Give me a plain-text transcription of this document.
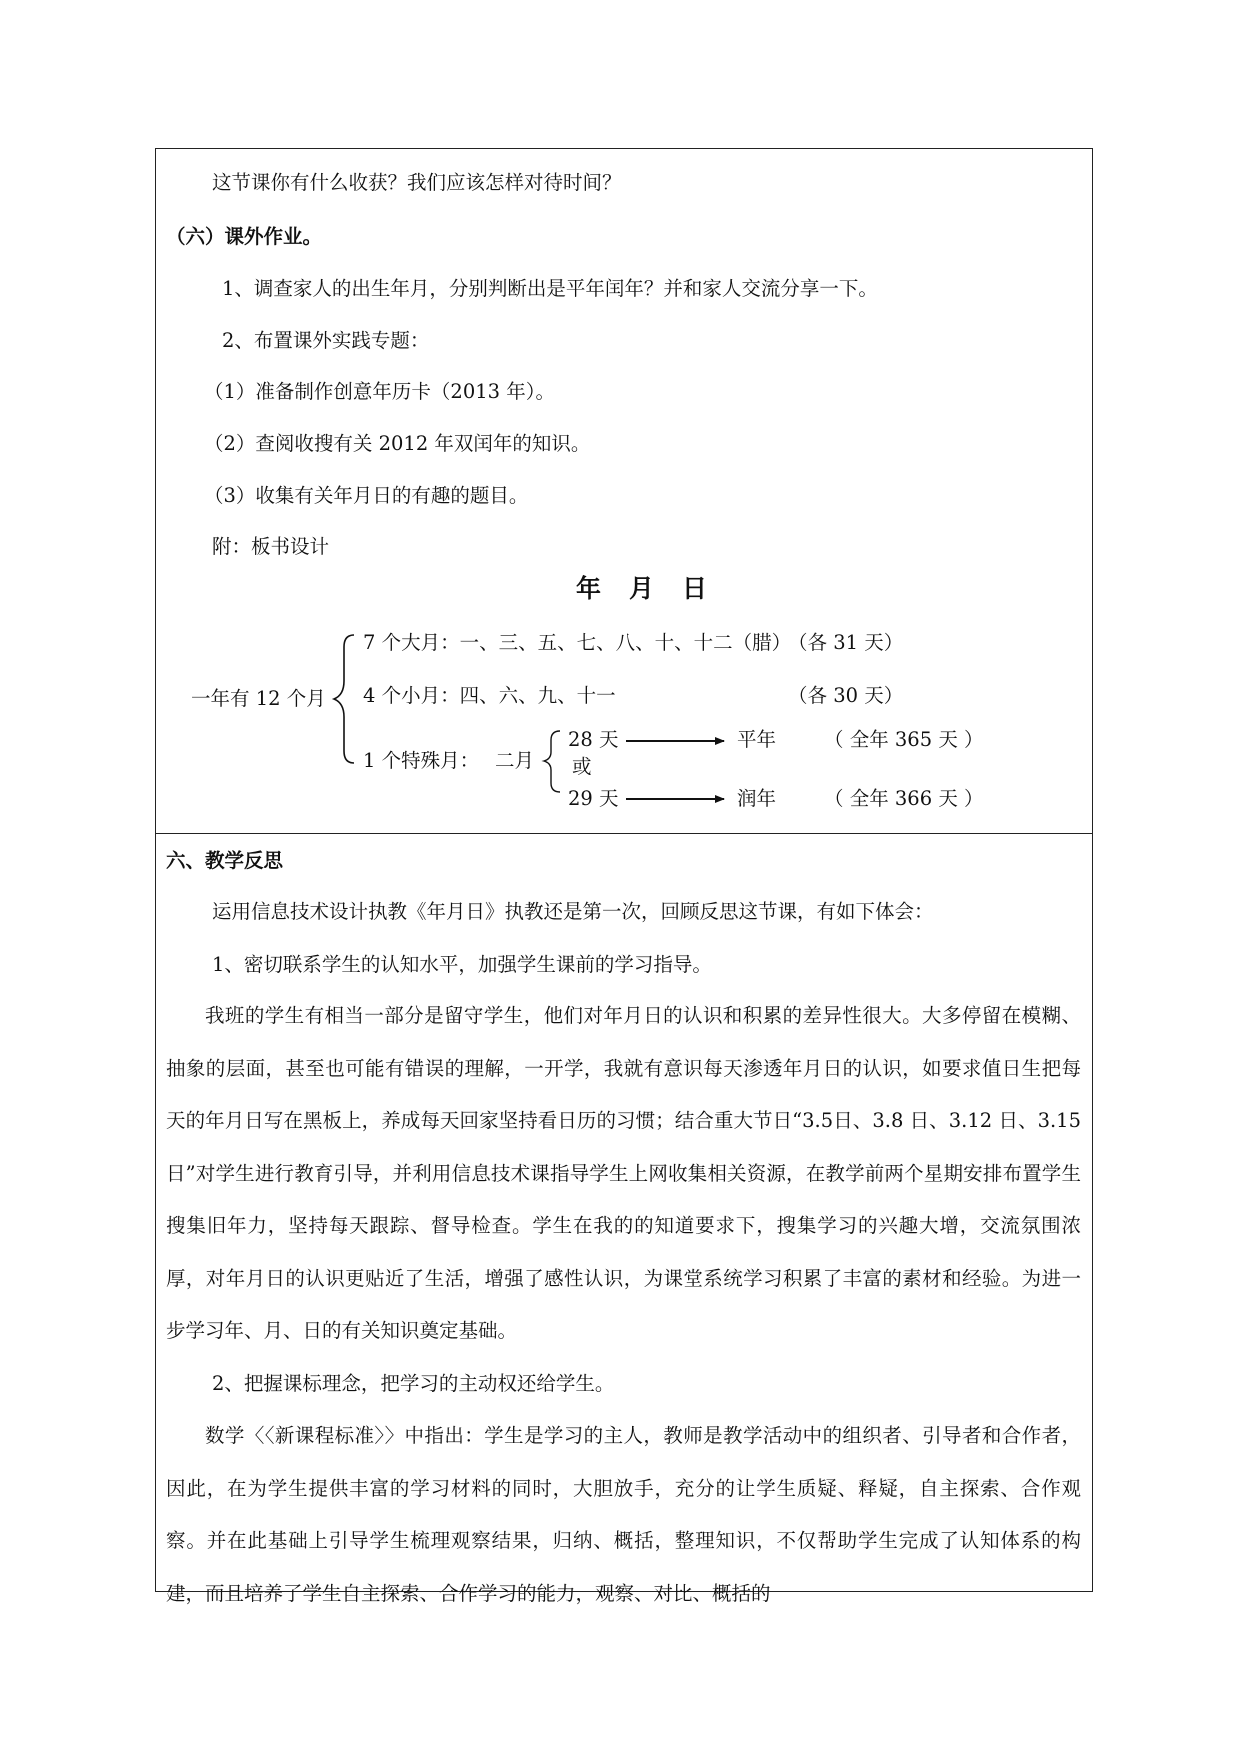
这节课你有什么收获？我们应该怎样对待时间？
（六）课外作业。
1、调查家人的出生年月，分别判断出是平年闰年？并和家人交流分享一下。
2、布置课外实践专题：
（1）准备制作创意年历卡（2013 年）。
（2）查阅收搜有关 2012 年双闰年的知识。
（3）收集有关年月日的有趣的题目。
附：板书设计
年月日
一年有 12 个月
7 个大月：一、三、五、七、八、十、十二（腊）
（各 31 天）
4 个小月：四、六、九、十一	（各 30 天）
1 个特殊月： 二月
28 天
或
29 天
平年 （ 全年 365 天 ）
润年 （ 全年 366 天 ）
六、教学反思
运用信息技术设计执教《年月日》执教还是第一次，回顾反思这节课，有如下体会：
1、密切联系学生的认知水平，加强学生课前的学习指导。

我班的学生有相当一部分是留守学生，他们对年月日的认识和积累的差异性很大。大多停留在模糊、抽象的层面，甚至也可能有错误的理解，一开学，我就有意识每天渗透年月日的认识，如要求值日生把每天的年月日写在黑板上，养成每天回家坚持看日历的习惯；结合重大节日“3.5日、3.8 日、3.12 日、3.15 日”对学生进行教育引导，并利用信息技术课指导学生上网收集相关资源，在教学前两个星期安排布置学生搜集旧年力，坚持每天跟踪、督导检查。学生在我的的知道要求下，搜集学习的兴趣大增，交流氛围浓厚，对年月日的认识更贴近了生活，增强了感性认识，为课堂系统学习积累了丰富的素材和经验。为进一步学习年、月、日的有关知识奠定基础。

2、把握课标理念，把学习的主动权还给学生。

数学〈〈新课程标准〉〉中指出：学生是学习的主人，教师是教学活动中的组织者、引导者和合作者，因此，在为学生提供丰富的学习材料的同时，大胆放手，充分的让学生质疑、释疑，自主探索、合作观察。并在此基础上引导学生梳理观察结果，归纳、概括，整理知识，不仅帮助学生完成了认知体系的构建，而且培养了学生自主探索、合作学习的能力，观察、对比、概括的
